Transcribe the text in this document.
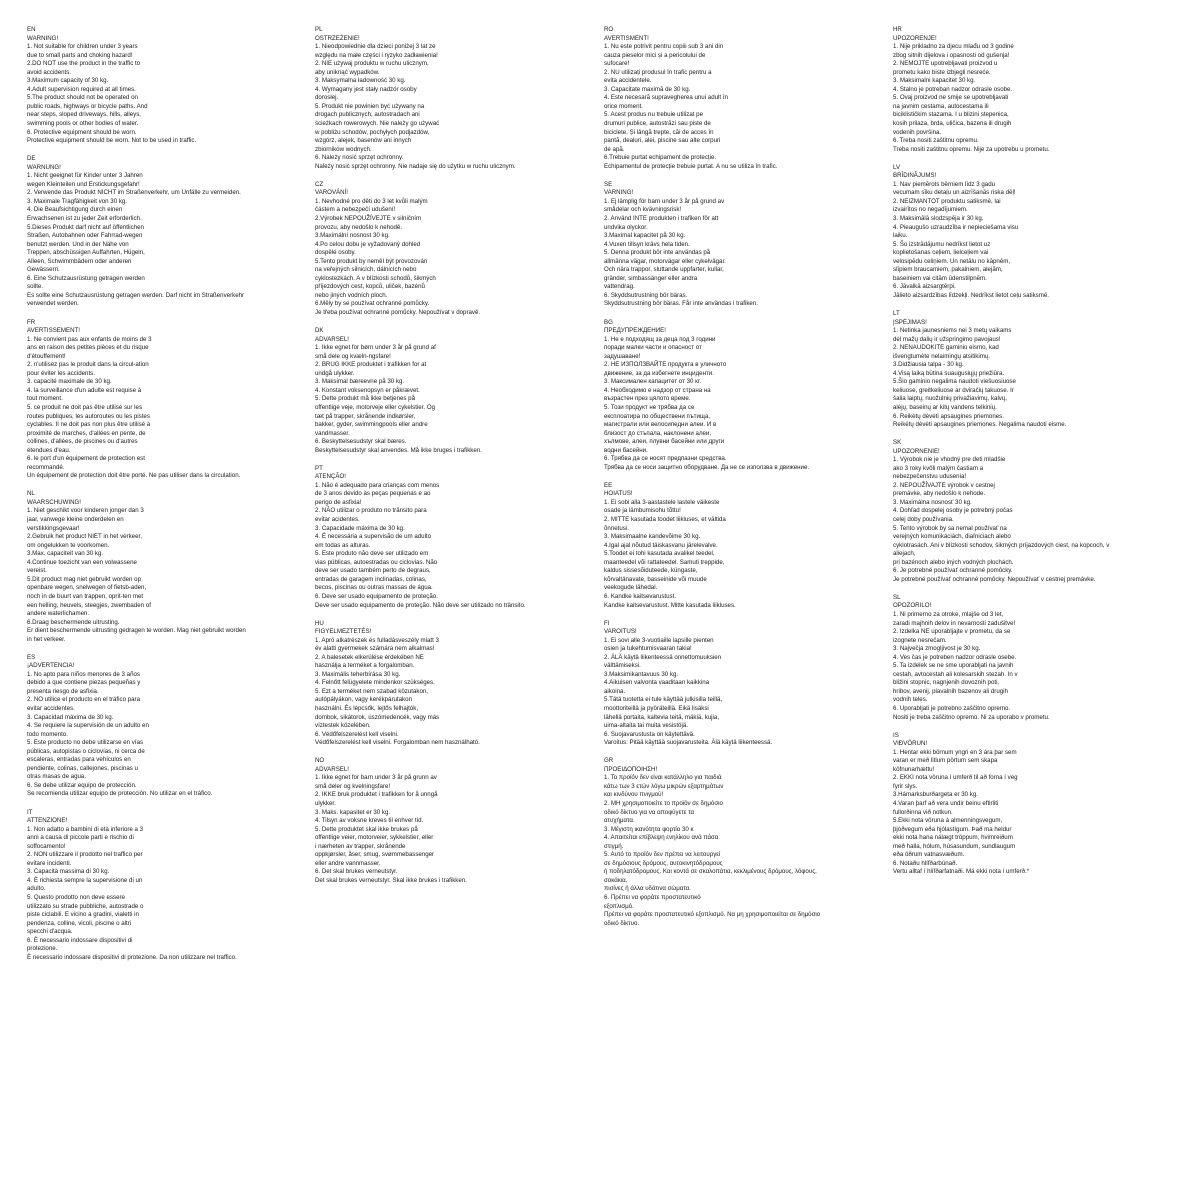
EN
WARNING!
1. Not suitable for children under 3 years
due to small parts and choking hazard!
2.DO NOT use the product in the traffic to
avoid accidents.
3.Maximum capacity of 30 kg.
4.Adult supervision required at all times.
5.The product should not be operated on
public roads, highways or bicycle paths. And
near steps, sloped driveways, hills, alleys,
swimming pools or other bodies of water.
6. Protective equipment should be worn.
Protective equipment should be worn. Not to be used in traffic.
DE
WARNUNG!
1. Nicht geeignet für Kinder unter 3 Jahren
wegen Kleinteilen und Erstickungsgefahr!
2. Verwende das Produkt NICHT im Straßenverkehr, um Unfälle zu vermeiden.
3. Maximale Tragfähigkeit von 30 kg.
4. Die Beaufsichtigung durch einen
Erwachsenen ist zu jeder Zeit erforderlich.
5.Dieses Produkt darf nicht auf öffentlichen
Straßen, Autobahnen oder Fahrrad-wegen
benutzt werden. Und in der Nähe von
Treppen, abschüssigen Auffahrten, Hügeln,
Alleen, Schwimmbädern oder anderen
Gewässern.
6. Eine Schutzausrüstung getragen werden
sollte.
Es sollte eine Schutzausrüstung getragen werden. Darf nicht im Straßenverkehr
verwendet werden.
FR
AVERTISSEMENT!
1. Ne convient pas aux enfants de moins de 3
ans en raison des petites pièces et du risque
d'étouffement!
2. n'utilisez pas le produit dans la circul-ation
pour éviter les accidents.
3. capacité maximale de 30 kg.
4. la surveillance d'un adulte est requise à
tout moment.
5. ce produit ne doit pas être utilisé sur les
routes publiques, les autoroutes ou les pistes
cyclables. Il ne doit pas non plus être utilisé à
proximité de marches, d'allées en pente, de
collines, d'allées, de piscines ou d'autres
étendues d'eau.
6. le port d'un équipement de protection est
recommandé.
Un équipement de protection doit être porté. Ne pas utiliser dans la circulation.
NL
WAARSCHUWING!
1. Niet geschikt voor kinderen jonger dan 3
jaar, vanwege kleine onderdelen en
verstikkingsgevaar!
2.Gebruik het product NIET in het verkeer,
om ongelukken te voorkomen.
3.Max. capaciteit van 30 kg.
4.Continue toezicht van een volwassene
vereist.
5.Dit product mag niet gebruikt worden op
openbare wegen, snelwegen of fietsb-aden,
noch in de buurt van trappen, oprit-ten met
een helling, heuvels, steegjes, zwembaden of
andere waterlichamen.
6.Draag beschermende uitrusting.
Er dient beschermende uitrusting gedragen te worden. Mag niet gebruikt worden
in het verkeer.
ES
¡ADVERTENCIA!
1. No apto para niños menores de 3 años
debido a que contiene piezas pequeñas y
presenta riesgo de asfixia.
2. NO utilice el producto en el tráfico para
evitar accidentes.
3. Capacidad máxima de 30 kg.
4. Se requiere la supervisión de un adulto en
todo momento.
5. Este producto no debe utilizarse en vías
públicas, autopistas o ciclovías, ni cerca de
escaleras, entradas para vehículos en
pendiente, colinas, callejones, piscinas u
otras masas de agua.
6. Se debe utilizar equipo de protección.
Se recomienda utilizar equipo de protección. No utilizar en el tráfico.
IT
ATTENZIONE!
1. Non adatto a bambini di età inferiore a 3
anni a causa di piccole parti e rischio di
soffocamento!
2. NON utilizzare il prodotto nel traffico per
evitare incidenti.
3. Capacità massima di 30 kg.
4. È richiesta sempre la supervisione di un
adulto.
5. Questo prodotto non deve essere
utilizzato su strade pubbliche, autostrade o
piste ciclabili. E vicino a gradini, vialetti in
pendenza, colline, vicoli, piscine o altri
specchi d'acqua.
6. È necessario indossare dispositivi di
protezione.
È necessario indossare dispositivi di protezione. Da non utilizzare nel traffico.
PL
OSTRZEŻENIE!
1. Nieodpowiednie dla dzieci poniżej 3 lat ze
względu na małe części i ryzyko zadławienia!
2. NIE używaj produktu w ruchu ulicznym,
aby uniknąć wypadków.
3. Maksymalna ładowność 30 kg.
4. Wymagany jest stały nadzór osoby
dorosłej.
5. Produkt nie powinien być używany na
drogach publicznych, autostradach ani
ścieżkach rowerowych. Nie należy go używać
w pobliżu schodów, pochyłych podjazdów,
wzgórz, alejek, basenów ani innych
zbiorników wodnych.
6. Należy nosić sprzęt ochronny.
Należy nosić sprzęt ochronny. Nie nadaje się do użytku w ruchu ulicznym.
CZ
VAROVÁNÍ!
1. Nevhodné pro děti do 3 let kvůli malým
částem a nebezpečí udušení!
2.Výrobek NEPOUŽÍVEJTE v silničním
provozu, aby nedošlo k nehodě.
3.Maximální nosnost 30 kg.
4.Po celou dobu je vyžadovaný dohled
dospělé osoby.
5.Tento produkt by neměl být provozován
na veřejných silnicích, dálnicích nebo
cyklostezkách. A v blízkosti schodů, šikmých
příjezdových cest, kopců, uliček, bazénů
nebo jiných vodních ploch.
6.Měly by se používat ochranné pomůcky.
Je třeba používat ochranné pomůcky. Nepoužívat v dopravě.
DK
ADVARSEL!
1. Ikke egnet for børn under 3 år på grund af
små dele og kvæln-ngsfare!
2. BRUG IKKE produktet i trafikken for at
undgå ulykker.
3. Maksimal bæreevne på 30 kg.
4. Konstant voksenopsyn er påkrævet.
5. Dette produkt må ikke betjenes på
offentlige veje, motorveje eller cykelstier. Og
tæt på trapper, skrånende indkørsler,
bakker, gyder, swimmingpools eller andre
vandmasser.
6. Beskyttelsesudstyr skal bæres.
Beskyttelsesudstyr skal anvendes. Må ikke bruges i trafikken.
PT
ATENÇÃO!
1. Não é adequado para crianças com menos
de 3 anos devido às peças pequenas e ao
perigo de asfixia!
2. NÃO utilizar o produto no trânsito para
evitar acidentes.
3. Capacidade máxima de 30 kg.
4. É necessária a supervisão de um adulto
em todas as alturas.
5. Este produto não deve ser utilizado em
vias públicas, autoestradas ou ciclovias. Não
deve ser usado também perto de degraus,
entradas de garagem inclinadas, colinas,
becos, piscinas ou outras massas de água.
6. Deve ser usado equipamento de proteção.
Deve ser usado equipamento de proteção. Não deve ser utilizado no trânsito.
HU
FIGYELMEZTETÉS!
1. Apró alkatrészek és fulladásveszély miatt 3
év alatti gyermekek számára nem alkalmas!
2. A balesetek elkerülése érdekében NE
használja a terméket a forgalomban.
3. Maximális teherbírása 30 kg.
4. Felnőtt felügyelete mindenkor szükséges.
5. Ezt a terméket nem szabad közutakon,
autópályákon, vagy kerékpárutakon
használni. És lépcsők, lejtős felhajtók,
dombok, sikátorok, úszómedencék, vagy más
víztestek közelében.
6. Védőfelszerelést kell viselni.
Védőfelszerelést kell viselni. Forgalomban nem használható.
NO
ADVARSEL!
1. Ikke egnet for barn under 3 år på grunn av
små deler og kvelningsfare!
2. IKKE bruk produktet i trafikken for å unngå
ulykker.
3. Maks. kapasitet er 30 kg.
4. Tilsyn av voksne kreves til enhver tid.
5. Dette produktet skal ikke brukes på
offentlige veier, motorveier, sykkelstier, eller
i nærheten av trapper, skrånende
oppkjørsler, åser, smug, svømmebassenger
eller andre vannmasser.
6. Det skal brukes verneutstyr.
Det skal brukes verneutstyr. Skal ikke brukes i trafikken.
RO
AVERTISMENT!
1. Nu este potrivit pentru copiii sub 3 ani din
cauza pieselor mici și a pericolului de
sufocare!
2. NU utilizați produsul în trafic pentru a
evita accidentele.
3. Capacitate maximă de 30 kg.
4. Este necesară supravegherea unui adult în
orice moment.
5. Acest produs nu trebuie utilizat pe
drumuri publice, autostrăzi sau piste de
biciclete. Și lângă trepte, căi de acces în
pantă, dealuri, alei, piscine sau alte corpuri
de apă.
6.Trebuie purtat echipament de protecție.
Echipamentul de protecție trebuie purtat. A nu se utiliza în trafic.
SE
VARNING!
1. Ej lämplig för barn under 3 år på grund av
smådelar och kvävningsrisk!
2. Använd INTE produkten i trafiken för att
undvika olyckor.
3.Maximal kapacitet på 30 kg.
4.Vuxen tillsyn krävs hela tiden.
5. Denna produkt bör inte användas på
allmänna vägar, motorvägar eller cykelvägar.
Och nära trappor, sluttande uppfarter, kullar,
gränder, simbassänger eller andra
vattendrag.
6. Skyddsutrustning bör bäras.
Skyddsutrustning bör bäras. Får inte användas i trafiken.
BG
ПРЕДУПРЕЖДЕНИЕ!
1. Не е подходящ за деца под 3 години
поради малки части и опасност от
задушаване!
2. НЕ ИЗПОЛЗВАЙТЕ продукта в уличното
движение, за да избегнете инциденти.
3. Максимален капацитет от 30 кг.
4. Необходимо е надзор от страна на
възрастен през цялото време.
5. Този продукт не трябва да се
експлоатира по обществени пътища,
магистрали или велосипедни алеи. И в
близост до стъпала, наклонени алеи,
хълмове, алеи, плувни басейни или други
водни басейни.
6. Трябва да се носят предпазни средства.
Трябва да се носи защитно оборудване. Да не се използва в движение.
EE
HOIATUS!
1. Ei sobi alla 3-aastastele lastele väikeste
osade ja lämbumisohu tõttu!
2. MITTE kasutada toodet liikluses, et vältida
õnnetusi.
3. Maksimaalne kandevõime 30 kg.
4.Igal ajal nõutud täiskasvanu järelevalve.
5.Toodet ei tohi kasutada avalikel teedel,
maanteedel või rattateedel. Samuti treppide,
kaldus sissesõiduteede, küngaste,
kõrvaltänavate, basseinide või muude
veekogude lähedal.
6. Kandke kaitsevarustust.
Kandke kaitsevarustust. Mitte kasutada liikluses.
FI
VAROITUS!
1. Ei sovi alle 3-vuotiaille lapsille pienten
osien ja tukehtumisvaaran takia!
2. ÄLÄ käytä liikenteessä onnettomuuksien
välttämiseksi.
3.Maksimikantavuus 30 kg.
4.Aikuisen valvonta vaaditaan kaikkina
aikoina.
5.Tätä tuotetta ei tule käyttää julkisilla teillä,
moottoriteillä ja pyöräteillä. Eikä lisäksi
lähellä portaita, kaltevia teitä, mäkiä, kujia,
uima-altaita tai muita vesistöjä.
6. Suojavarustusta on käytettävä.
Varoitus: Pitää käyttää suojavarusteita. Älä käytä liikenteessä.
GR
ΠΡΟΕΙΔΟΠΟΙΗΣΗ!
1. Το προϊόν δεν είναι κατάλληλο για παιδιά
κάτω των 3 ετών λόγω μικρών εξαρτημάτων
και κινδύνου πνιγμού!
2. ΜΗ χρησιμοποιείτε το προϊόν σε δημόσιο
οδικό δίκτυο για να αποφύγετε τα
ατυχήματα.
3. Μέγιστη ικανότητα φορτίο 30 κ
4. Απαιτείται επίβλεψη ενηλίκου ανά πάσα
στιγμή.
5. Αυτό το προϊόν δεν πρέπει να λειτουργεί
σε δημόσιους δρόμους, αυτοκινητόδρομους
ή ποδηλατόδρομους. Και κοντά σε σκαλοπάτια, κεκλιμένους δρόμους, λόφους,
σοκάκια,
πισίνες ή άλλα υδάτινα σώματα.
6. Πρέπει να φοράτε προστατευτικό
εξοπλισμό.
Πρέπει να φοράτε προστατευτικό εξοπλισμό. Να μη χρησιμοποιείται σε δημόσιο
οδικό δίκτυο.
HR
UPOZORENJE!
1. Nije prikladno za djecu mlađu od 3 godine
zbog sitnih dijelova i opasnosti od gušenja!
2. NEMOJTE upotrebljavati proizvod u
prometu kako biste izbjegli nesreće.
3. Maksimalni kapacitet 30 kg.
4. Stalno je potreban nadzor odrasle osobe.
5. Ovaj proizvod ne smije se upotrebljavati
na javnim cestama, autocestama ili
biciklističkim stazama. I u blizini stepenica,
kosih prilaza, brda, uličica, bazena ili drugih
vodenih površina.
6. Treba nositi zaštitnu opremu.
Treba nositi zaštitnu opremu. Nije za upotrebu u prometu.
LV
BRĪDINĀJUMS!
1. Nav piemērots bērniem līdz 3 gadu
vecumam sīku detaļu un aizrīšanās riska dēļ!
2. NEIZMANTOT produktu satiksmē, lai
izvairītos no negadījumiem.
3. Maksimālā slodzspēja ir 30 kg.
4. Pieaugušo uzraudzība ir nepieciešama visu
laiku.
5. Šo izstrādājumu nedrīkst lietot uz
koplietošanas ceļiem, lielceļiem vai
velosipēdu celiņiem. Un netālu no kāpnēm,
slīpiem braucamiem, pakalniem, alejām,
baseiniem vai citām ūdenstilpnēm.
6. Jāvalkā aizsargtērpi.
Jālieto aizsardzības līdzekļi. Nedrīkst lietot ceļu satiksmē.
LT
ĮSPĖJIMAS!
1. Netinka jaunesniems nei 3 metų vaikams
dėl mažų dalių ir užspringimo pavojaus!
2. NENAUDOKITE gaminio eismo, kad
išvengtumėte nelaimingų atsitikimų.
3.Didžiausia talpa - 30 kg.
4.Visą laiką būtina suaugusiųjų priežiūra.
5.Šio gaminio negalima naudoti viešuosiuose
keliuose, greitkeliuose ar dviračių takuose. Ir
šalia laiptų, nuožulnių privažiavimų, kalvų,
alėjų, baseinų ar kitų vandens telkinių.
6. Reikėtų dėvėti apsaugines priemones.
Reikėtų dėvėti apsaugines priemones. Negalima naudoti eisme.
SK
UPOZORNENIE!
1. Výrobok nie je vhodný pre deti mladšie
ako 3 roky kvôli malým častiam a
nebezpečenstvu udusenia!
2. NEPOUŽÍVAJTE výrobok v cestnej
premávke, aby nedošlo k nehode.
3. Maximálna nosnosť 30 kg.
4. Dohľad dospelej osoby je potrebný počas
celej doby používania.
5. Tento výrobok by sa nemal používať na
verejných komunikáciách, diaľniciach alebo
cyklotrasách. Ani v blízkosti schodov, šikmých príjazdových ciest, na kopcoch, v
aliejach,
pri bazénoch alebo iných vodných plochách.
6. Je potrebné používať ochranné pomôcky.
Je potrebné používať ochranné pomôcky. Nepoužívať v cestnej premávke.
SL
OPOZORILO!
1. Ni primerno za otroke, mlajše od 3 let,
zaradi majhnih delov in nevarnosti zadušitve!
2. Izdelka NE uporabljajte v prometu, da se
izognete nesrečam.
3. Največja zmogljivost je 30 kg.
4. Ves čas je potreben nadzor odrasle osebe.
5. Ta izdelek se ne sme uporabljati na javnih
cestah, avtocestah ali kolesarskih stezah. In v
bližini stopnic, nagnjenih dovoznih poti,
hribov, avenij, plavalnih bazenov ali drugih
vodnih teles.
6. Uporabljati je potrebno zaščitno opremo.
Nositi je treba zaščitno opremo. Ni za uporabo v prometu.
IS
VIÐVÖRUN!
1. Hentar ekki börnum yngri en 3 ára þar sem
varan er með litlum pörtum sem skapa
köfnunarhættu!
2. EKKI nota vöruna í umferð til að forna í veg
fyrir slys.
3.Hámarksburðargeta er 30 kg.
4.Varan þarf að vera undir beinu eftirliti
fullorðinna við notkun.
5.Ekki nota vöruna á almenningsvegum,
þjóðvegum eða hjólastígum. Það ma heldur
ekki nota hana nálægt tröppum, hvimreiðum
með halla, hólum, húsasundum, sundlaugum
eða öðrum vatnasvæðum.
6. Notaðu hlífðarbúnað.
Vertu alltaf í hlífðarfatnaði. Má ekki nota í umferð.*
